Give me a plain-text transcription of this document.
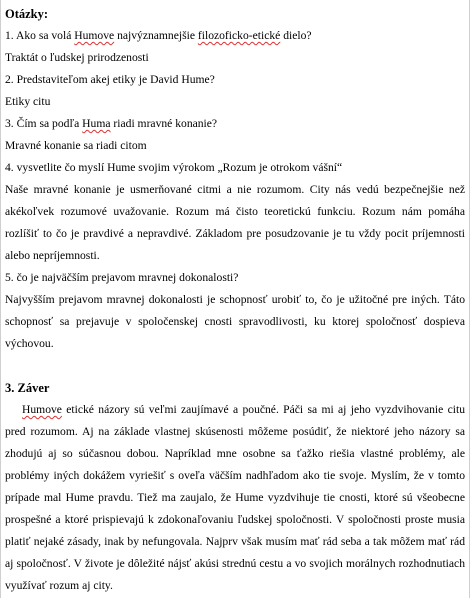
Otázky:

1. Ako sa volá Humove najvýznamnejšie filozoficko-etické dielo?

Traktát o ľudskej prirodzenosti

2. Predstaviteľom akej etiky je David Hume?

Etiky citu

3. Čím sa podľa Huma riadi mravné konanie?

Mravné konanie sa riadi citom

4. vysvetlite čo myslí Hume svojim výrokom „Rozum je otrokom vášní“

Naše mravné konanie je usmerňované citmi a nie rozumom. City nás vedú bezpečnejšie než akékoľvek rozumové uvažovanie. Rozum má čisto teoretickú funkciu. Rozum nám pomáha rozlíšiť to čo je pravdivé a nepravdivé. Základom pre posudzovanie je tu vždy pocit príjemnosti alebo nepríjemnosti.

5. čo je najväčším prejavom mravnej dokonalosti?

Najvyšším prejavom mravnej dokonalosti je schopnosť urobiť to, čo je užitočné pre iných. Táto schopnosť sa prejavuje v spoločenskej cnosti spravodlivosti, ku ktorej spoločnosť dospieva výchovou.

3. Záver

Humove etické názory sú veľmi zaujímavé a poučné. Páči sa mi aj jeho vyzdvihovanie citu pred rozumom. Aj na základe vlastnej skúsenosti môžeme posúdiť, že niektoré jeho názory sa zhodujú aj so súčasnou dobou. Napríklad mne osobne sa ťažko riešia vlastné problémy, ale problémy iných dokážem vyriešiť s oveľa väčším nadhľadom ako tie svoje. Myslím, že v tomto prípade mal Hume pravdu. Tiež ma zaujalo, že Hume vyzdvihuje tie cnosti, ktoré sú všeobecne prospešné a ktoré prispievajú k zdokonaľovaniu ľudskej spoločnosti. V spoločnosti proste musia platiť nejaké zásady, inak by nefungovala. Najprv však musím mať rád seba a tak môžem mať rád aj spoločnosť. V živote je dôležité nájsť akúsi strednú cestu a vo svojich morálnych rozhodnutiach využívať rozum aj city.
